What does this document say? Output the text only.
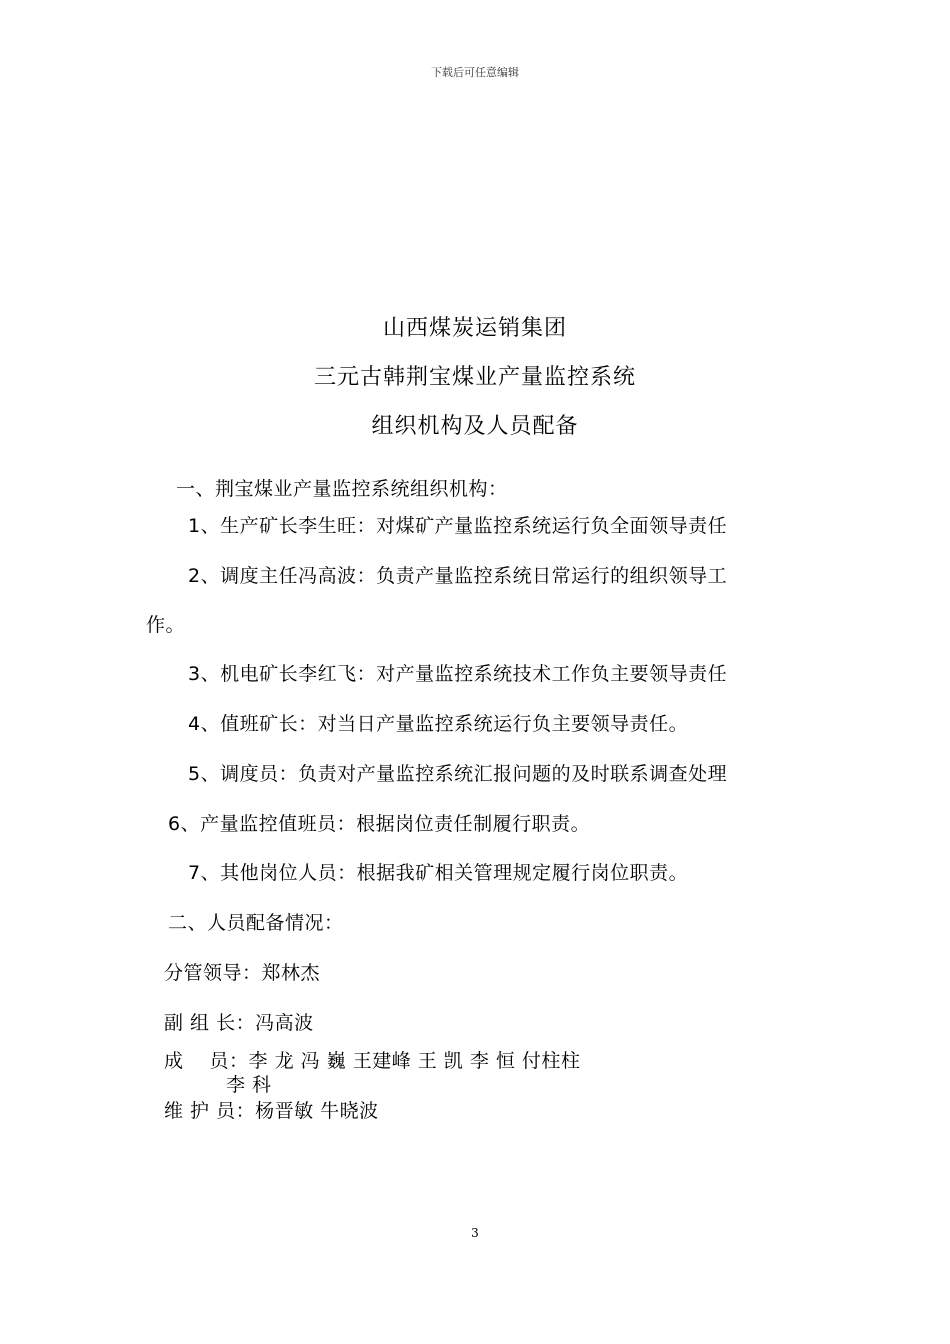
下载后可任意编辑
山西煤炭运销集团
三元古韩荆宝煤业产量监控系统
组织机构及人员配备
一、荆宝煤业产量监控系统组织机构：
1、生产矿长李生旺：对煤矿产量监控系统运行负全面领导责任
2、调度主任冯高波：负责产量监控系统日常运行的组织领导工
作。
3、机电矿长李红飞：对产量监控系统技术工作负主要领导责任
4、值班矿长：对当日产量监控系统运行负主要领导责任。
5、调度员：负责对产量监控系统汇报问题的及时联系调查处理
6、产量监控值班员：根据岗位责任制履行职责。
7、其他岗位人员：根据我矿相关管理规定履行岗位职责。
二、人员配备情况：
分管领导：郑林杰
副 组 长：冯高波
成　 员：李 龙 冯 巍 王建峰 王 凯 李 恒 付柱柱
李 科
维 护 员：杨晋敏 牛晓波
3
